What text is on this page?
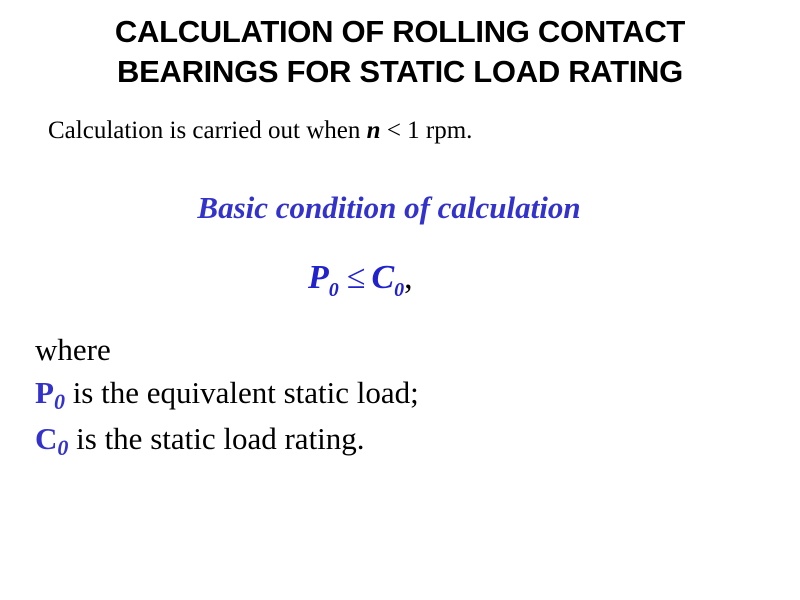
CALCULATION OF ROLLING CONTACT
BEARINGS FOR STATIC LOAD RATING
Calculation is carried out when n < 1 rpm.
Basic condition of calculation
$P_0 \le C_0$,
where
P0 is the equivalent static load;
C0 is the static load rating.
